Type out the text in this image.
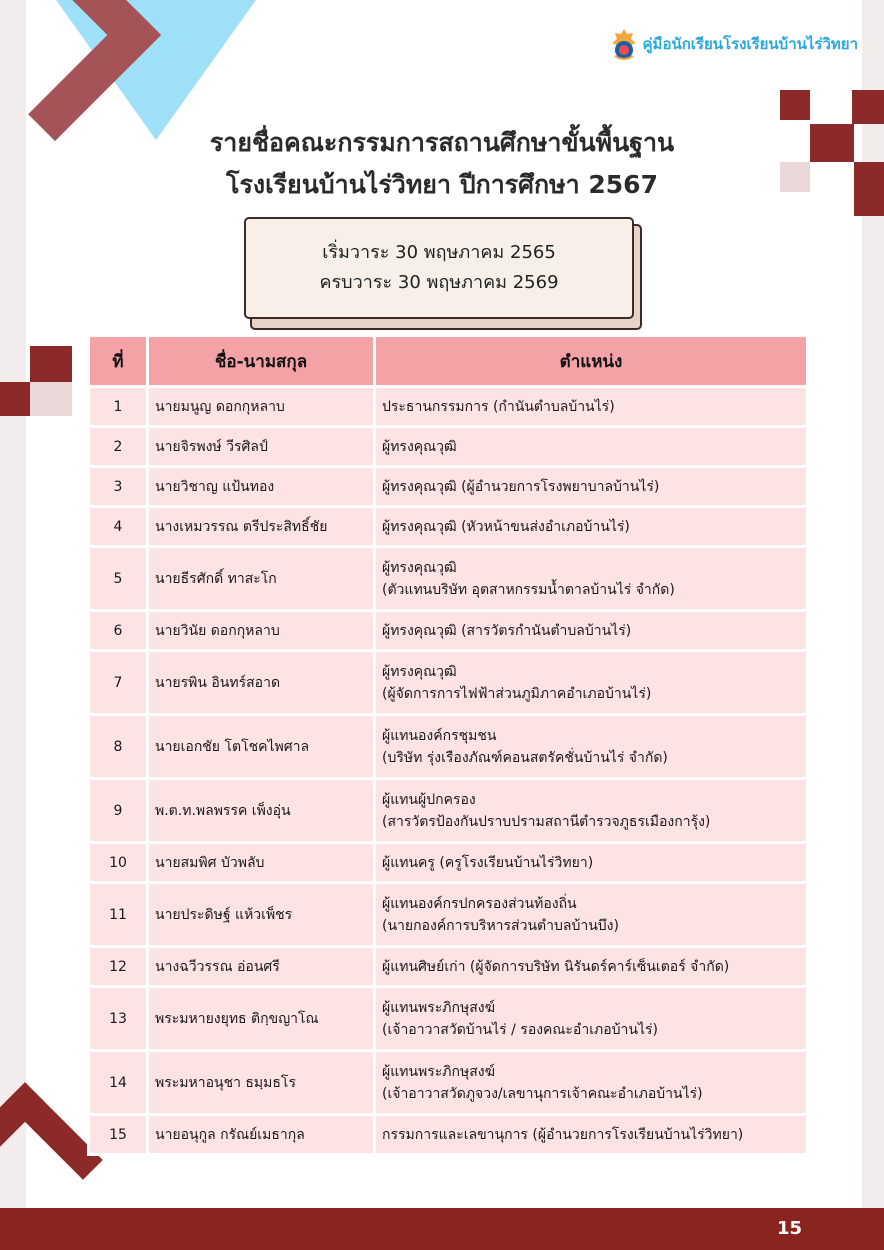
คู่มือนักเรียนโรงเรียนบ้านไร่วิทยา
รายชื่อคณะกรรมการสถานศึกษาขั้นพื้นฐาน
โรงเรียนบ้านไร่วิทยา ปีการศึกษา 2567
เริ่มวาระ 30 พฤษภาคม 2565
ครบวาระ 30 พฤษภาคม 2569
ที่	ชื่อ-นามสกุล	ตำแหน่ง
1	นายมนูญ ดอกกุหลาบ	ประธานกรรมการ (กำนันตำบลบ้านไร่)

2	นายจิรพงษ์ วีรศิลป์	ผู้ทรงคุณวุฒิ

3	นายวิชาญ แป้นทอง	ผู้ทรงคุณวุฒิ (ผู้อำนวยการโรงพยาบาลบ้านไร่)

4	นางเหมวรรณ ตรีประสิทธิ์ชัย	ผู้ทรงคุณวุฒิ (หัวหน้าขนส่งอำเภอบ้านไร่)

5	นายธีรศักดิ์ ทาสะโก	ผู้ทรงคุณวุฒิ
(ตัวแทนบริษัท อุตสาหกรรมน้ำตาลบ้านไร่ จำกัด)

6	นายวินัย ดอกกุหลาบ	ผู้ทรงคุณวุฒิ (สารวัตรกำนันตำบลบ้านไร่)

7	นายรพิน อินทร์สอาด	ผู้ทรงคุณวุฒิ
(ผู้จัดการการไฟฟ้าส่วนภูมิภาคอำเภอบ้านไร่)

8	นายเอกชัย โตโชคไพศาล	ผู้แทนองค์กรชุมชน
(บริษัท รุ่งเรืองภัณฑ์คอนสตรัคชั่นบ้านไร่ จำกัด)

9	พ.ต.ท.พลพรรค เพ็งอุ่น	ผู้แทนผู้ปกครอง
(สารวัตรป้องกันปราบปรามสถานีตำรวจภูธรเมืองการุ้ง)

10	นายสมพิศ บัวพลับ	ผู้แทนครู (ครูโรงเรียนบ้านไร่วิทยา)

11	นายประดิษฐ์ แห้วเพ็ชร	ผู้แทนองค์กรปกครองส่วนท้องถิ่น
(นายกองค์การบริหารส่วนตำบลบ้านบึง)

12	นางฉวีวรรณ อ่อนศรี	ผู้แทนศิษย์เก่า (ผู้จัดการบริษัท นิรันดร์คาร์เซ็นเตอร์ จำกัด)

13	พระมหายงยุทธ ติกฺขญาโณ	ผู้แทนพระภิกษุสงฆ์
(เจ้าอาวาสวัดบ้านไร่ / รองคณะอำเภอบ้านไร่)

14	พระมหาอนุชา ธมฺมธโร	ผู้แทนพระภิกษุสงฆ์
(เจ้าอาวาสวัดภูจวง/เลขานุการเจ้าคณะอำเภอบ้านไร่)

15	นายอนุกูล กรัณย์เมธากุล	กรรมการและเลขานุการ (ผู้อำนวยการโรงเรียนบ้านไร่วิทยา)
15
